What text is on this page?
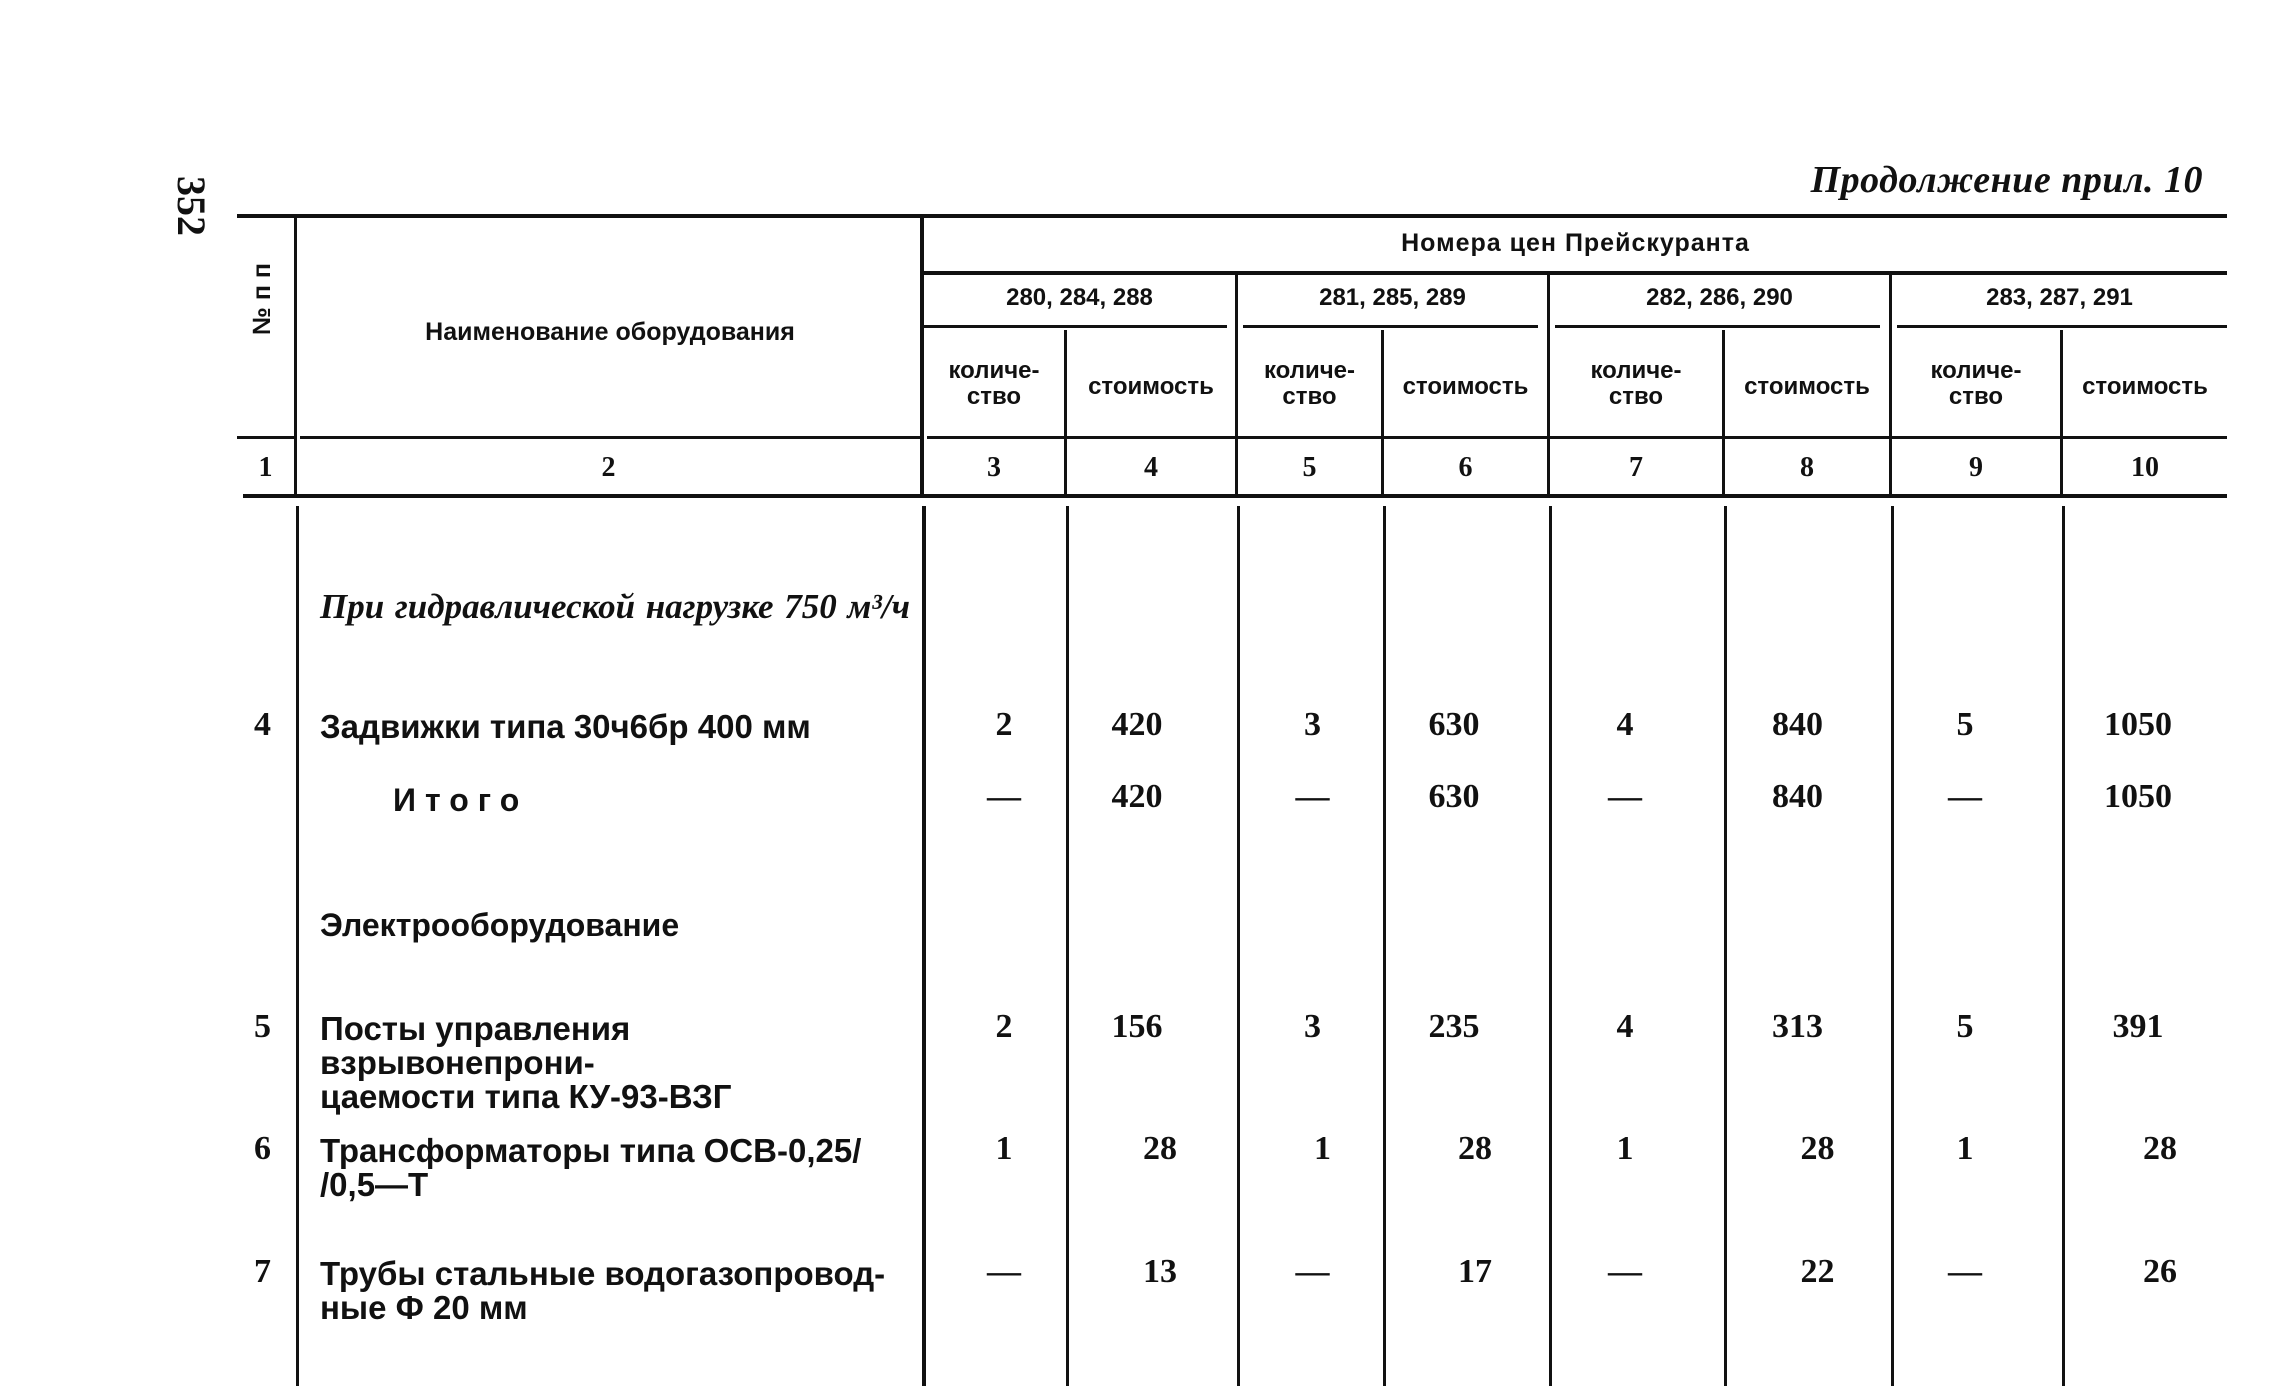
352	Продолжение прил. 10
№ п п	Наименование оборудования
Номера цен Прейскуранта
280, 284, 288	281, 285, 289	282, 286, 290	283, 287, 291
количе-
ство	стоимость
количе-
ство	стоимость
количе-
ство	стоимость
количе-
ство	стоимость
1	2	3	4	5	6	7	8	9	10
При гидравлической нагрузке 750 м³/ч
4 Задвижки типа 30ч6бр 400 мм	2	420	3	630	4	840	5	1050
Итого	—	420	—	630	—	840	—	1050
Электрооборудование
5 Посты управления взрывонепрони-
цаемости типа КУ-93-ВЗГ
2	156	3	235	4	313	5	391
6 Трансформаторы типа ОСВ-0,25/
/0,5—Т
1	28	1	28	1	28	1	28
7 Трубы стальные водогазопровод-
ные Ф 20 мм
—	13	—	17	—	22	—	26
